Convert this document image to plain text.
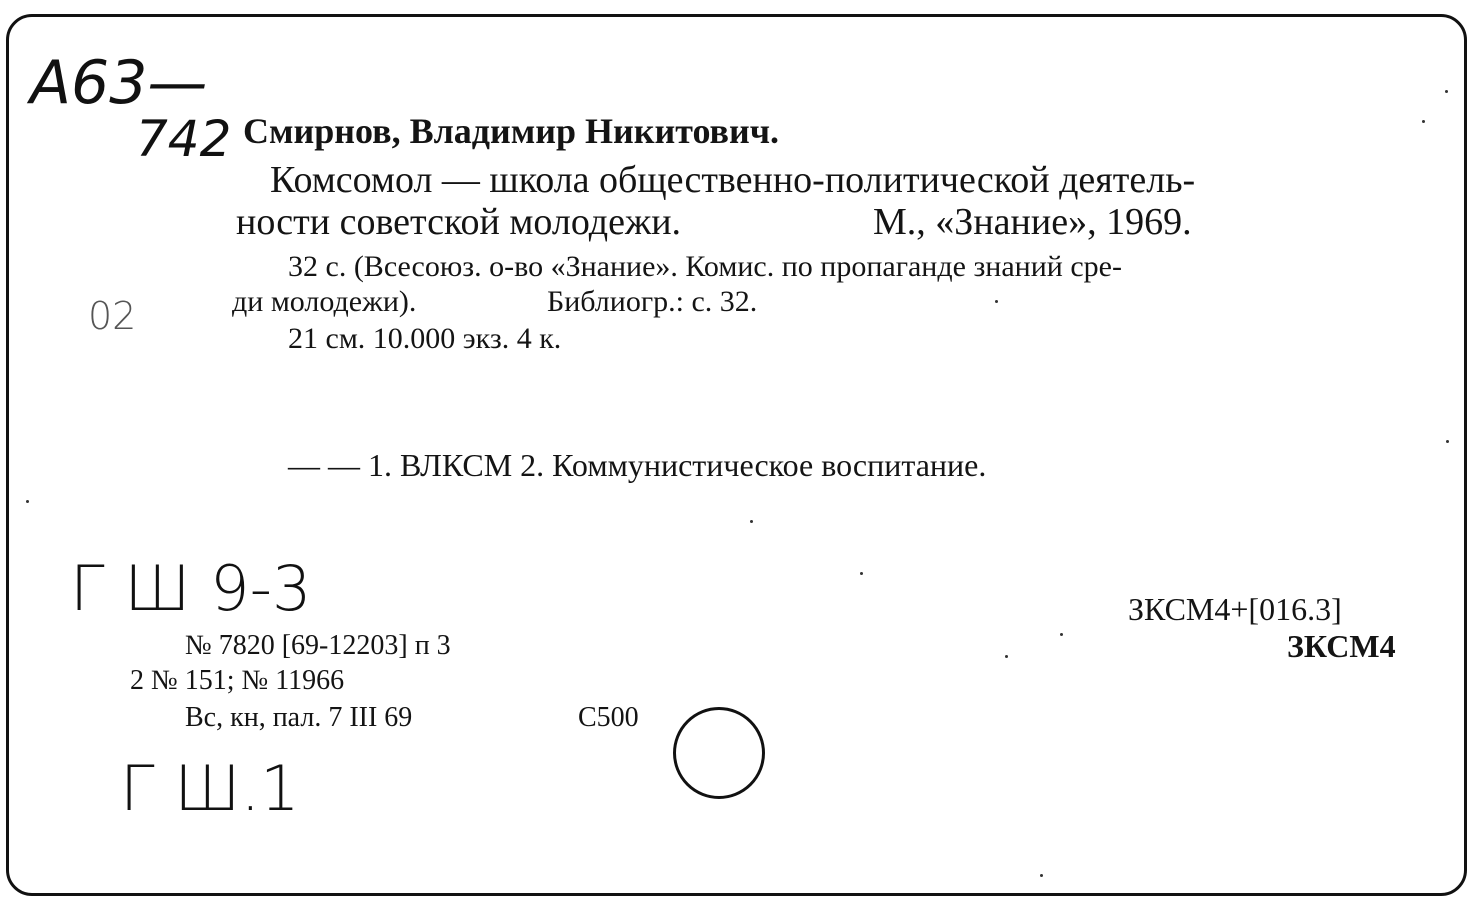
Смирнов, Владимир Никитович.
Комсомол — школа общественно-политической деятель-
ности советской молодежи.	М., «Знание», 1969.
32 с. (Всесоюз. о-во «Знание». Комис. по пропаганде знаний сре-
ди молодежи).	Библиогр.: с. 32.
21 см. 10.000 экз. 4 к.
— — 1. ВЛКСМ 2. Коммунистическое воспитание.
№ 7820 [69-12203] п 3
2 № 151; № 11966
Вс, кн, пал. 7 III 69	С500
ЗКСМ4+[016.3]
ЗКСМ4
А63—
742
02
Г Ш 9-3
Г Ш.1
